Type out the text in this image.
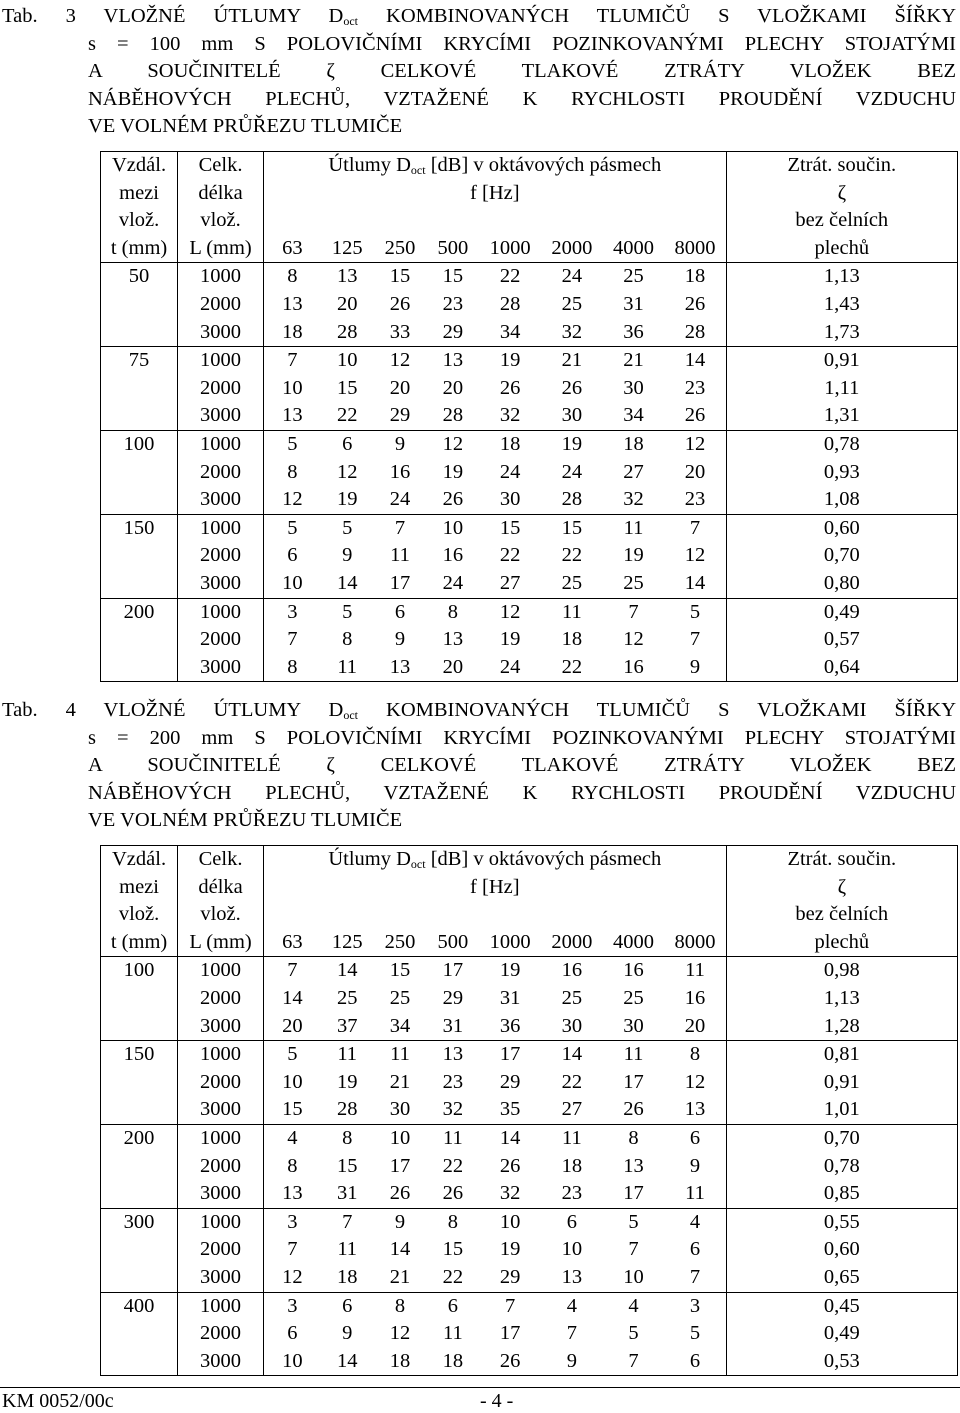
Tab. 3 VLOŽNÉ ÚTLUMY $D_{oct}$ KOMBINOVANÝCH TLUMIČŮ S VLOŽKAMI ŠÍŘKY
s = 100 mm S POLOVIČNÍMI KRYCÍMI POZINKOVANÝMI PLECHY STOJATÝMI
A SOUČINITELÉ ζ CELKOVÉ TLAKOVÉ ZTRÁTY VLOŽEK BEZ
NÁBĚHOVÝCH PLECHŮ, VZTAŽENÉ K RYCHLOSTI PROUDĚNÍ VZDUCHU
VE VOLNÉM PRŮŘEZU TLUMIČE
Vzdál.	Celk.	Útlumy $D_{oct}$ [dB] v oktávových pásmech								Ztrát. součin.
mezi	délka	f [Hz]								ζ
vlož.	vlož.									bez čelních
t (mm)	L (mm)	63	125	250	500	1000	2000	4000	8000	plechů
50	1000	8	13	15	15	22	24	25	18	1,13
	2000	13	20	26	23	28	25	31	26	1,43
	3000	18	28	33	29	34	32	36	28	1,73
75	1000	7	10	12	13	19	21	21	14	0,91
	2000	10	15	20	20	26	26	30	23	1,11
	3000	13	22	29	28	32	30	34	26	1,31
100	1000	5	6	9	12	18	19	18	12	0,78
	2000	8	12	16	19	24	24	27	20	0,93
	3000	12	19	24	26	30	28	32	23	1,08
150	1000	5	5	7	10	15	15	11	7	0,60
	2000	6	9	11	16	22	22	19	12	0,70
	3000	10	14	17	24	27	25	25	14	0,80
200	1000	3	5	6	8	12	11	7	5	0,49
	2000	7	8	9	13	19	18	12	7	0,57
	3000	8	11	13	20	24	22	16	9	0,64
Tab. 4 VLOŽNÉ ÚTLUMY $D_{oct}$ KOMBINOVANÝCH TLUMIČŮ S VLOŽKAMI ŠÍŘKY
s = 200 mm S POLOVIČNÍMI KRYCÍMI POZINKOVANÝMI PLECHY STOJATÝMI
A SOUČINITELÉ ζ CELKOVÉ TLAKOVÉ ZTRÁTY VLOŽEK BEZ
NÁBĚHOVÝCH PLECHŮ, VZTAŽENÉ K RYCHLOSTI PROUDĚNÍ VZDUCHU
VE VOLNÉM PRŮŘEZU TLUMIČE
Vzdál.	Celk.	Útlumy $D_{oct}$ [dB] v oktávových pásmech								Ztrát. součin.
mezi	délka	f [Hz]								ζ
vlož.	vlož.									bez čelních
t (mm)	L (mm)	63	125	250	500	1000	2000	4000	8000	plechů
100	1000	7	14	15	17	19	16	16	11	0,98
	2000	14	25	25	29	31	25	25	16	1,13
	3000	20	37	34	31	36	30	30	20	1,28
150	1000	5	11	11	13	17	14	11	8	0,81
	2000	10	19	21	23	29	22	17	12	0,91
	3000	15	28	30	32	35	27	26	13	1,01
200	1000	4	8	10	11	14	11	8	6	0,70
	2000	8	15	17	22	26	18	13	9	0,78
	3000	13	31	26	26	32	23	17	11	0,85
300	1000	3	7	9	8	10	6	5	4	0,55
	2000	7	11	14	15	19	10	7	6	0,60
	3000	12	18	21	22	29	13	10	7	0,65
400	1000	3	6	8	6	7	4	4	3	0,45
	2000	6	9	12	11	17	7	5	5	0,49
	3000	10	14	18	18	26	9	7	6	0,53
KM 0052/00c	- 4 -
